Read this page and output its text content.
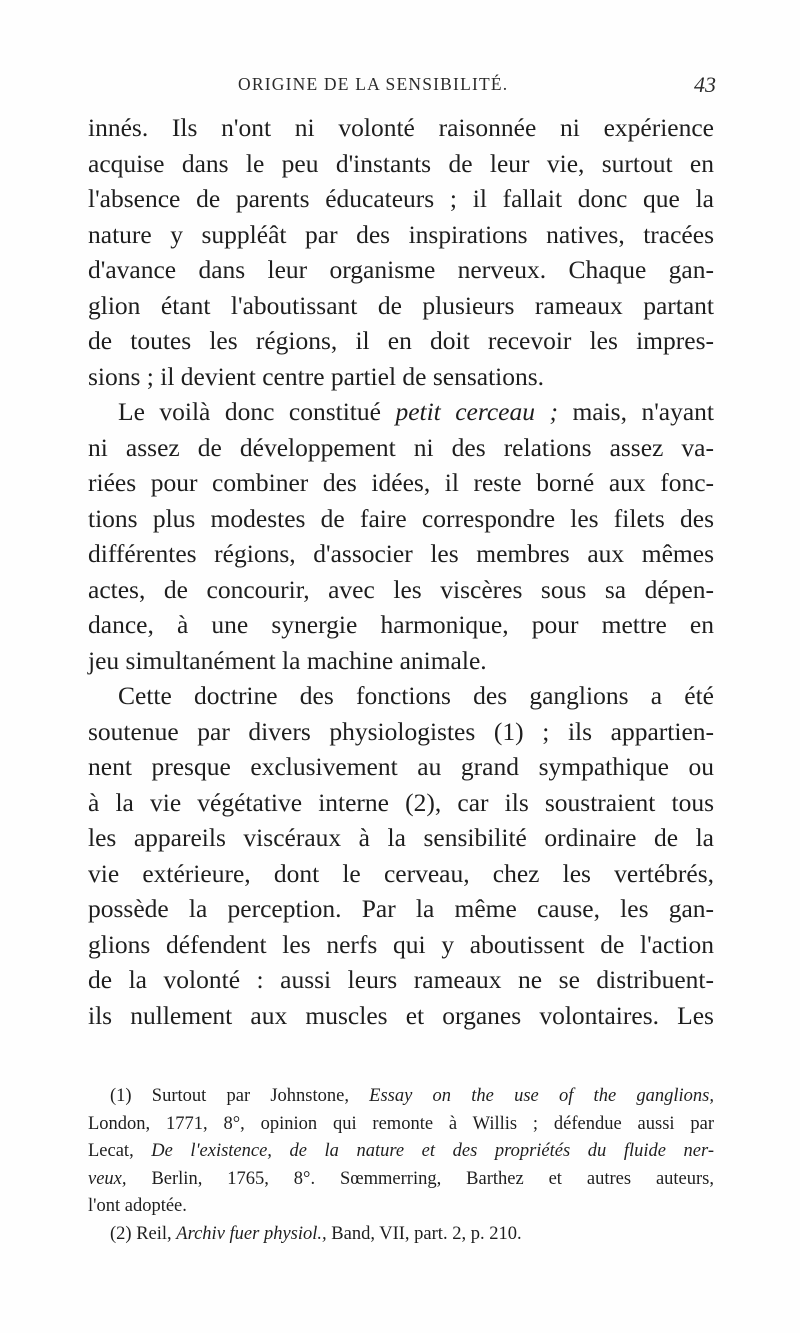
ORIGINE DE LA SENSIBILITÉ.	43
innés. Ils n'ont ni volonté raisonnée ni expérience
acquise dans le peu d'instants de leur vie, surtout en
l'absence de parents éducateurs ; il fallait donc que la
nature y suppléât par des inspirations natives, tracées
d'avance dans leur organisme nerveux. Chaque gan-
glion étant l'aboutissant de plusieurs rameaux partant
de toutes les régions, il en doit recevoir les impres-
sions ; il devient centre partiel de sensations.
Le voilà donc constitué petit cerceau ; mais, n'ayant
ni assez de développement ni des relations assez va-
riées pour combiner des idées, il reste borné aux fonc-
tions plus modestes de faire correspondre les filets des
différentes régions, d'associer les membres aux mêmes
actes, de concourir, avec les viscères sous sa dépen-
dance, à une synergie harmonique, pour mettre en
jeu simultanément la machine animale.
Cette doctrine des fonctions des ganglions a été
soutenue par divers physiologistes (1) ; ils appartien-
nent presque exclusivement au grand sympathique ou
à la vie végétative interne (2), car ils soustraient tous
les appareils viscéraux à la sensibilité ordinaire de la
vie extérieure, dont le cerveau, chez les vertébrés,
possède la perception. Par la même cause, les gan-
glions défendent les nerfs qui y aboutissent de l'action
de la volonté : aussi leurs rameaux ne se distribuent-
ils nullement aux muscles et organes volontaires. Les
(1) Surtout par Johnstone, Essay on the use of the ganglions,
London, 1771, 8°, opinion qui remonte à Willis ; défendue aussi par
Lecat, De l'existence, de la nature et des propriétés du fluide ner-
veux, Berlin, 1765, 8°. Sœmmerring, Barthez et autres auteurs,
l'ont adoptée.
(2) Reil, Archiv fuer physiol., Band, VII, part. 2, p. 210.
